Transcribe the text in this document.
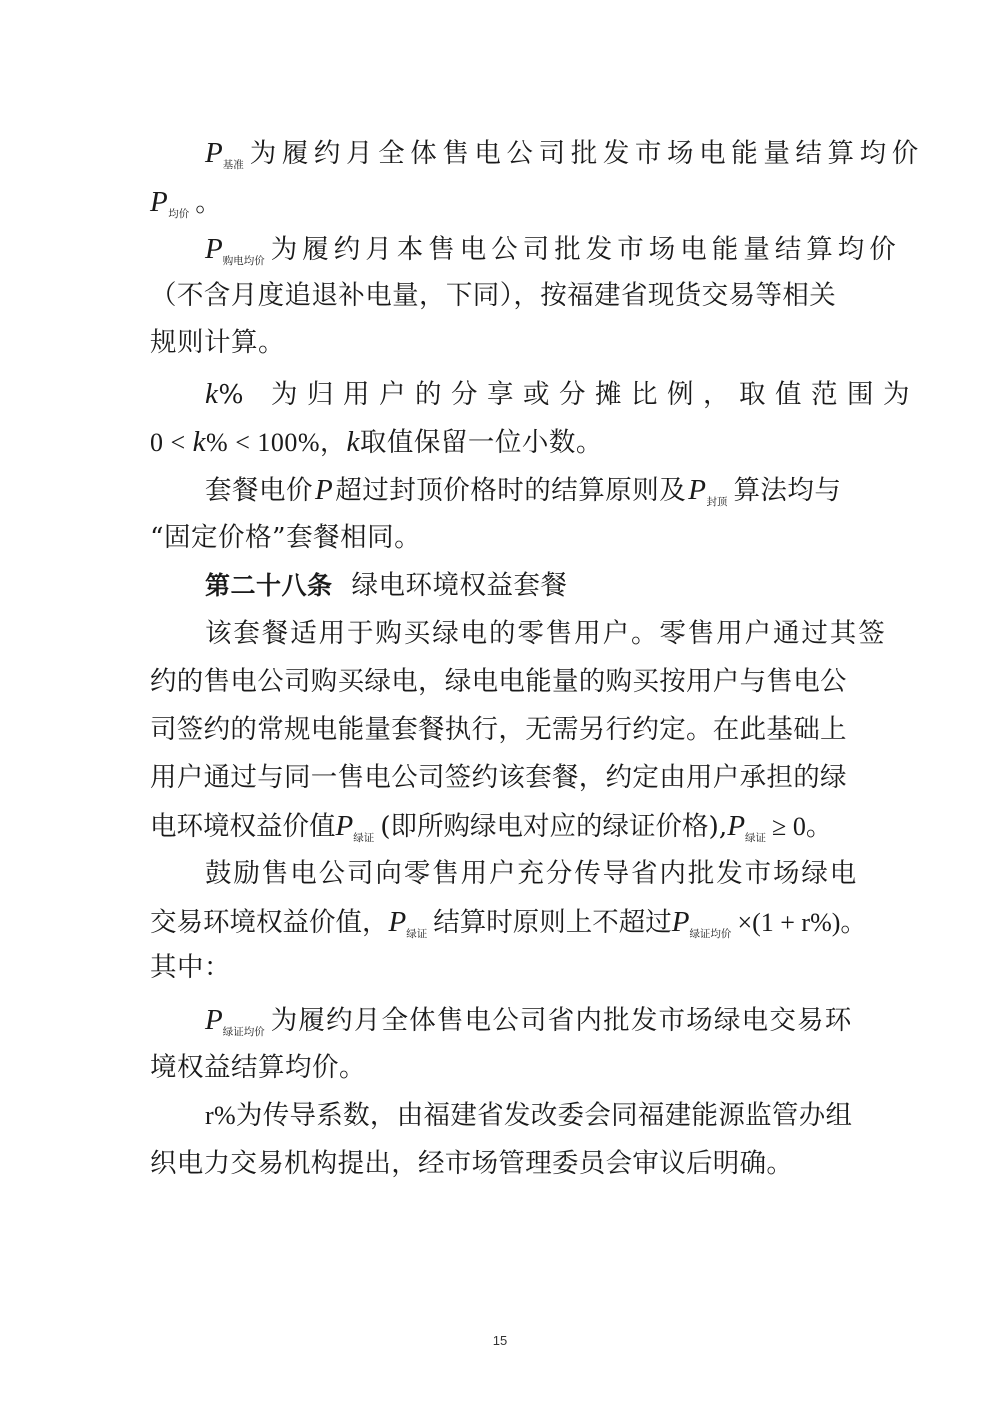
$P_{基准}$ 为履约月全体售电公司批发市场电能量结算均价
$P_{均价}$ 。
$P_{购电均价}$ 为履约月本售电公司批发市场电能量结算均价
（不含月度追退补电量，下同），按福建省现货交易等相关
规则计算。
k% 为归用户的分享或分摊比例，取值范围为
0 < k% < 100%，k取值保留一位小数。
套餐电价P超过封顶价格时的结算原则及$P_{封顶}$ 算法均与
“固定价格”套餐相同。
第二十八条 绿电环境权益套餐
该套餐适用于购买绿电的零售用户。零售用户通过其签
约的售电公司购买绿电，绿电电能量的购买按用户与售电公
司签约的常规电能量套餐执行，无需另行约定。在此基础上
用户通过与同一售电公司签约该套餐，约定由用户承担的绿
电环境权益价值$P_{绿证}$ (即所购绿电对应的绿证价格)$,P_{绿证} \ge 0$。
鼓励售电公司向零售用户充分传导省内批发市场绿电
交易环境权益价值，$P_{绿证}$ 结算时原则上不超过$P_{绿证均价} \times(1 + r\%)$。
其中：
$P_{绿证均价}$ 为履约月全体售电公司省内批发市场绿电交易环
境权益结算均价。
r%为传导系数，由福建省发改委会同福建能源监管办组
织电力交易机构提出，经市场管理委员会审议后明确。
15
